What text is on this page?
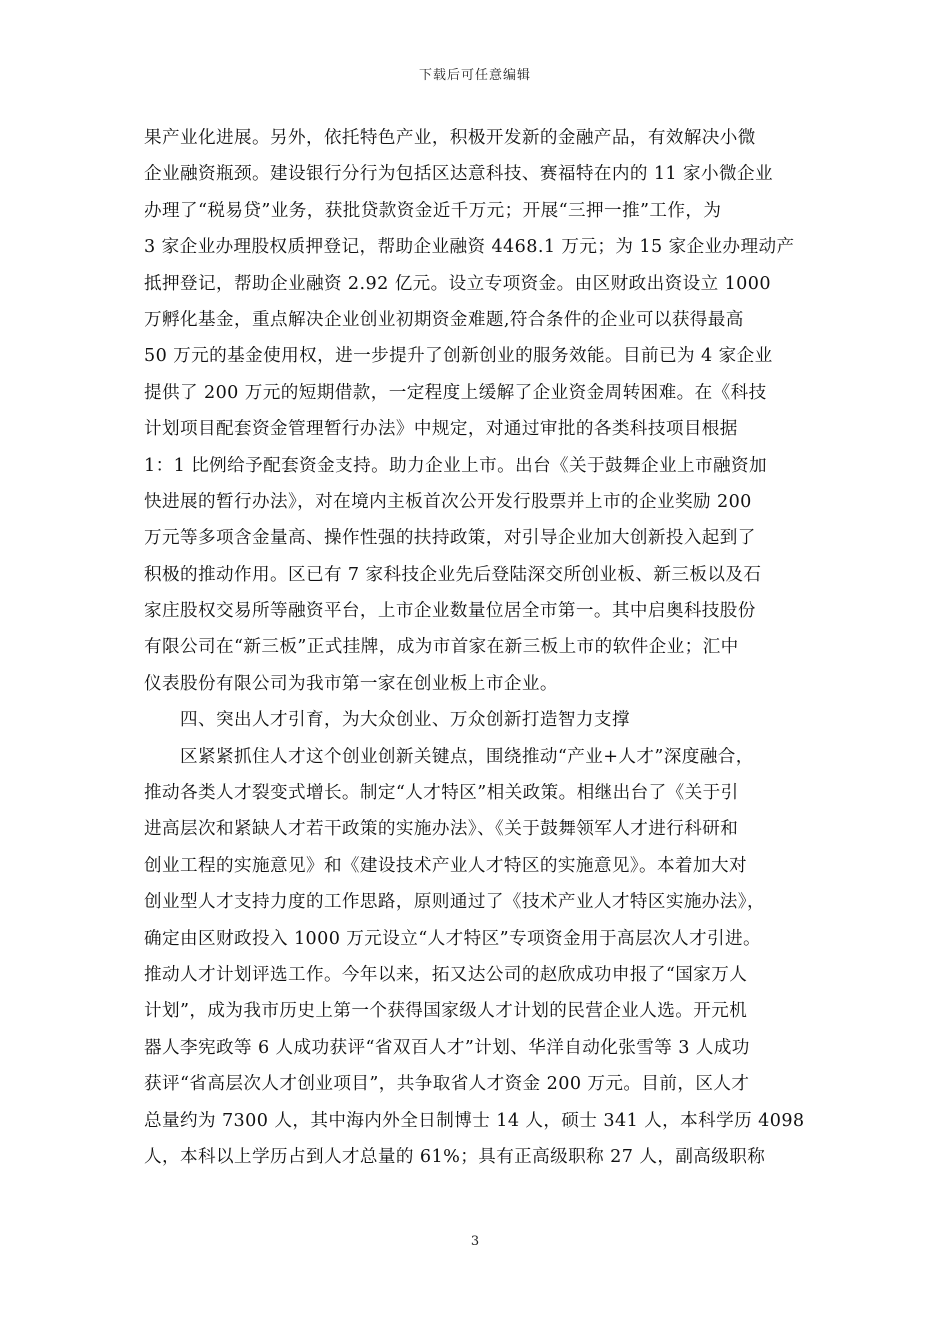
下载后可任意编辑
果产业化进展。另外，依托特色产业，积极开发新的金融产品，有效解决小微
企业融资瓶颈。建设银行分行为包括区达意科技、赛福特在内的 11 家小微企业
办理了“税易贷”业务，获批贷款资金近千万元；开展“三押一推”工作，为
3 家企业办理股权质押登记，帮助企业融资 4468.1 万元；为 15 家企业办理动产
抵押登记，帮助企业融资 2.92 亿元。设立专项资金。由区财政出资设立 1000
万孵化基金，重点解决企业创业初期资金难题,符合条件的企业可以获得最高
50 万元的基金使用权，进一步提升了创新创业的服务效能。目前已为 4 家企业
提供了 200 万元的短期借款，一定程度上缓解了企业资金周转困难。在《科技
计划项目配套资金管理暂行办法》中规定，对通过审批的各类科技项目根据
1：1 比例给予配套资金支持。助力企业上市。出台《关于鼓舞企业上市融资加
快进展的暂行办法》，对在境内主板首次公开发行股票并上市的企业奖励 200
万元等多项含金量高、操作性强的扶持政策，对引导企业加大创新投入起到了
积极的推动作用。区已有 7 家科技企业先后登陆深交所创业板、新三板以及石
家庄股权交易所等融资平台，上市企业数量位居全市第一。其中启奥科技股份
有限公司在“新三板”正式挂牌，成为市首家在新三板上市的软件企业；汇中
仪表股份有限公司为我市第一家在创业板上市企业。
四、突出人才引育，为大众创业、万众创新打造智力支撑
区紧紧抓住人才这个创业创新关键点，围绕推动“产业+人才”深度融合，
推动各类人才裂变式增长。制定“人才特区”相关政策。相继出台了《关于引
进高层次和紧缺人才若干政策的实施办法》、《关于鼓舞领军人才进行科研和
创业工程的实施意见》和《建设技术产业人才特区的实施意见》。本着加大对
创业型人才支持力度的工作思路，原则通过了《技术产业人才特区实施办法》，
确定由区财政投入 1000 万元设立“人才特区”专项资金用于高层次人才引进。
推动人才计划评选工作。今年以来，拓又达公司的赵欣成功申报了“国家万人
计划”，成为我市历史上第一个获得国家级人才计划的民营企业人选。开元机
器人李宪政等 6 人成功获评“省双百人才”计划、华洋自动化张雪等 3 人成功
获评“省高层次人才创业项目”，共争取省人才资金 200 万元。目前，区人才
总量约为 7300 人，其中海内外全日制博士 14 人，硕士 341 人，本科学历 4098
人，本科以上学历占到人才总量的 61%；具有正高级职称 27 人，副高级职称
3
